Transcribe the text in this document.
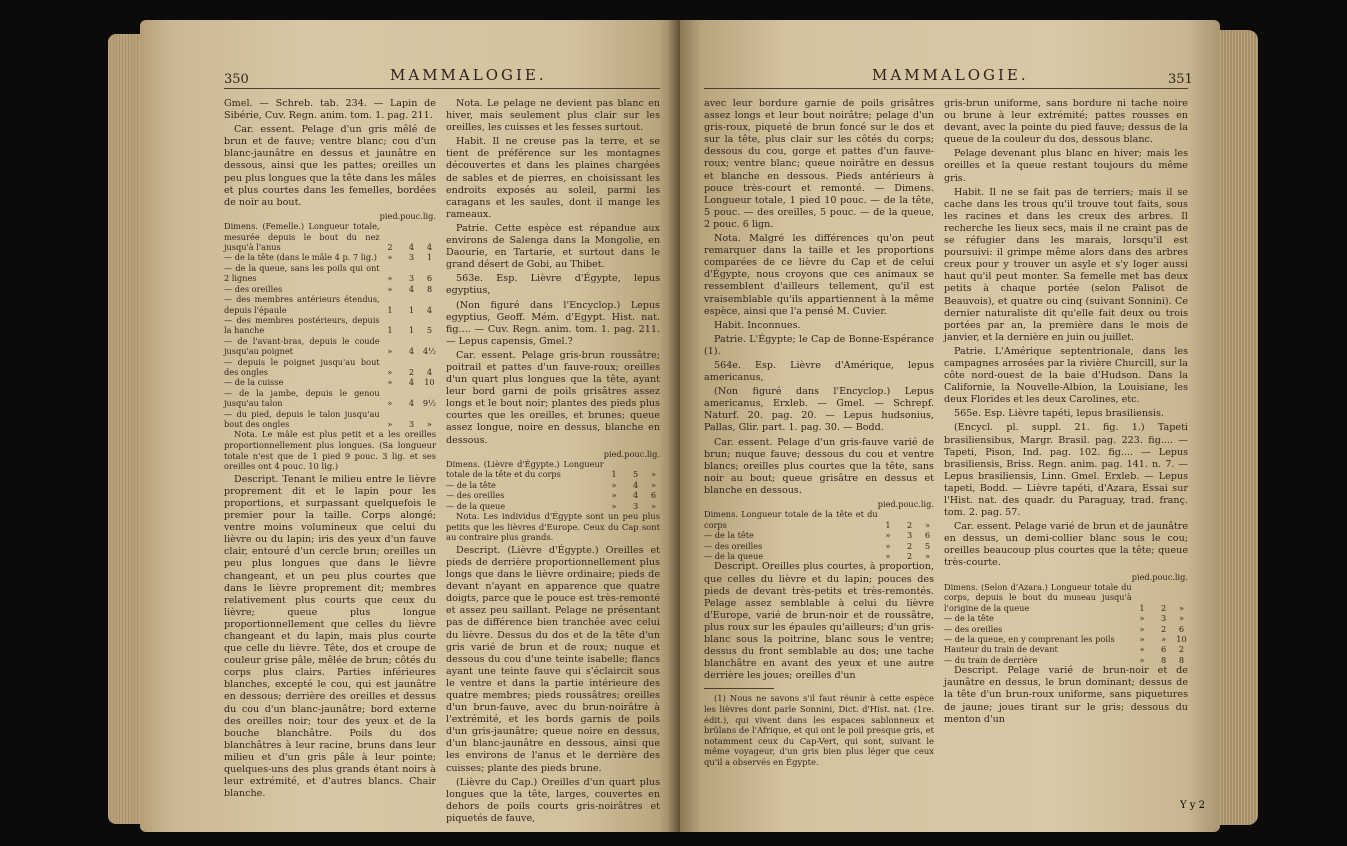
350	MAMMALOGIE.

Gmel. — Schreb. tab. 234. — Lapin de Sibérie, Cuv. Regn. anim. tom. 1. pag. 211.

Car. essent. Pelage d'un gris mêlé de brun et de fauve; ventre blanc; cou d'un blanc-jaunâtre en dessus et jaunâtre en dessous, ainsi que les pattes; oreilles un peu plus longues que la tête dans les mâles et plus courtes dans les femelles, bordées de noir au bout.

	pied.	pouc.	lig.
Dimens. (Femelle.) Longueur totale, mesurée depuis le bout du nez jusqu'à l'anus	2	4	4
— de la tête (dans le mâle 4 p. 7 lig.)	»	3	1
— de la queue, sans les poils qui ont 2 lignes	»	3	6
— des oreilles	»	4	8
— des membres antérieurs étendus, depuis l'épaule	1	1	4
— des membres postérieurs, depuis la hanche	1	1	5
— de l'avant-bras, depuis le coude jusqu'au poignet	»	4	4½
— depuis le poignet jusqu'au bout des ongles	»	2	4
— de la cuisse	»	4	10
— de la jambe, depuis le genou jusqu'au talon	»	4	9½
— du pied, depuis le talon jusqu'au bout des ongles	»	3	»

Nota. Le mâle est plus petit et a les oreilles proportionnellement plus longues. (Sa longueur totale n'est que de 1 pied 9 pouc. 3 lig. et ses oreilles ont 4 pouc. 10 lig.)

Descript. Tenant le milieu entre le lièvre proprement dit et le lapin pour les proportions, et surpassant quelquefois le premier pour la taille. Corps alongé; ventre moins volumineux que celui du lièvre ou du lapin; iris des yeux d'un fauve clair, entouré d'un cercle brun; oreilles un peu plus longues que dans le lièvre changeant, et un peu plus courtes que dans le lièvre proprement dit; membres relativement plus courts que ceux du lièvre; queue plus longue proportionnellement que celles du lièvre changeant et du lapin, mais plus courte que celle du lièvre. Tête, dos et croupe de couleur grise pâle, mêlée de brun; côtés du corps plus clairs. Parties inférieures blanches, excepté le cou, qui est jaunâtre en dessous; derrière des oreilles et dessus du cou d'un blanc-jaunâtre; bord externe des oreilles noir; tour des yeux et de la bouche blanchâtre. Poils du dos blanchâtres à leur racine, bruns dans leur milieu et d'un gris pâle à leur pointe; quelques-uns des plus grands étant noirs à leur extrémité, et d'autres blancs. Chair blanche.

Nota. Le pelage ne devient pas blanc en hiver, mais seulement plus clair sur les oreilles, les cuisses et les fesses surtout.

Habit. Il ne creuse pas la terre, et se tient de préférence sur les montagnes découvertes et dans les plaines chargées de sables et de pierres, en choisissant les endroits exposés au soleil, parmi les caragans et les saules, dont il mange les rameaux.

Patrie. Cette espèce est répandue aux environs de Salenga dans la Mongolie, en Daourie, en Tartarie, et surtout dans le grand désert de Gobi, au Thibet.

563e. Esp. Lièvre d'Égypte, lepus egyptius,

(Non figuré dans l'Encyclop.) Lepus egyptius, Geoff. Mém. d'Egypt. Hist. nat. fig.... — Cuv. Regn. anim. tom. 1. pag. 211. — Lepus capensis, Gmel.?

Car. essent. Pelage gris-brun roussâtre; poitrail et pattes d'un fauve-roux; oreilles d'un quart plus longues que la tête, ayant leur bord garni de poils grisâtres assez longs et le bout noir; plantes des pieds plus courtes que les oreilles, et brunes; queue assez longue, noire en dessus, blanche en dessous.

	pied.	pouc.	lig.
Dimens. (Lièvre d'Égypte.) Longueur totale de la tête et du corps	1	5	»
— de la tête	»	4	»
— des oreilles	»	4	6
— de la queue	»	3	»

Nota. Les individus d'Égypte sont un peu plus petits que les lièvres d'Europe. Ceux du Cap sont au contraire plus grands.

Descript. (Lièvre d'Égypte.) Oreilles et pieds de derrière proportionnellement plus longs que dans le lièvre ordinaire; pieds de devant n'ayant en apparence que quatre doigts, parce que le pouce est très-remonté et assez peu saillant. Pelage ne présentant pas de différence bien tranchée avec celui du lièvre. Dessus du dos et de la tête d'un gris varié de brun et de roux; nuque et dessous du cou d'une teinte isabelle; flancs ayant une teinte fauve qui s'éclaircit sous le ventre et dans la partie intérieure des quatre membres; pieds roussâtres; oreilles d'un brun-fauve, avec du brun-noirâtre à l'extrémité, et les bords garnis de poils d'un gris-jaunâtre; queue noire en dessus, d'un blanc-jaunâtre en dessous, ainsi que les environs de l'anus et le derrière des cuisses; plante des pieds brune.

(Lièvre du Cap.) Oreilles d'un quart plus longues que la tête, larges, couvertes en dehors de poils courts gris-noirâtres et piquetés de fauve,

MAMMALOGIE.	351

avec leur bordure garnie de poils grisâtres assez longs et leur bout noirâtre; pelage d'un gris-roux, piqueté de brun foncé sur le dos et sur la tête, plus clair sur les côtés du corps; dessous du cou, gorge et pattes d'un fauve-roux; ventre blanc; queue noirâtre en dessus et blanche en dessous. Pieds antérieurs à pouce très-court et remonté. — Dimens. Longueur totale, 1 pied 10 pouc. — de la tête, 5 pouc. — des oreilles, 5 pouc. — de la queue, 2 pouc. 6 lign.

Nota. Malgré les différences qu'on peut remarquer dans la taille et les proportions comparées de ce lièvre du Cap et de celui d'Égypte, nous croyons que ces animaux se ressemblent d'ailleurs tellement, qu'il est vraisemblable qu'ils appartiennent à la même espèce, ainsi que l'a pensé M. Cuvier.

Habit. Inconnues.

Patrie. L'Égypte; le Cap de Bonne-Espérance (1).

564e. Esp. Lièvre d'Amérique, lepus americanus,

(Non figuré dans l'Encyclop.) Lepus americanus, Erxleb. — Gmel. — Schrepf. Naturf. 20. pag. 20. — Lepus hudsonius, Pallas, Glir. part. 1. pag. 30. — Bodd.

Car. essent. Pelage d'un gris-fauve varié de brun; nuque fauve; dessous du cou et ventre blancs; oreilles plus courtes que la tête, sans noir au bout; queue grisâtre en dessus et blanche en dessous.

	pied.	pouc.	lig.
Dimens. Longueur totale de la tête et du corps	1	2	»
— de la tête	»	3	6
— des oreilles	»	2	5
— de la queue	»	2	»

Descript. Oreilles plus courtes, à proportion, que celles du lièvre et du lapin; pouces des pieds de devant très-petits et très-remontés. Pelage assez semblable à celui du lièvre d'Europe, varié de brun-noir et de roussâtre, plus roux sur les épaules qu'ailleurs; d'un gris-blanc sous la poitrine, blanc sous le ventre; dessus du front semblable au dos; une tache blanchâtre en avant des yeux et une autre derrière les joues; oreilles d'un

(1) Nous ne savons s'il faut réunir à cette espèce les lièvres dont parle Sonnini, Dict. d'Hist. nat. (1re. édit.), qui vivent dans les espaces sablonneux et brûlans de l'Afrique, et qui ont le poil presque gris, et notamment ceux du Cap-Vert, qui sont, suivant le même voyageur, d'un gris bien plus léger que ceux qu'il a observés en Égypte.

gris-brun uniforme, sans bordure ni tache noire ou brune à leur extrémité; pattes rousses en devant, avec la pointe du pied fauve; dessus de la queue de la couleur du dos, dessous blanc.

Pelage devenant plus blanc en hiver; mais les oreilles et la queue restant toujours du même gris.

Habit. Il ne se fait pas de terriers; mais il se cache dans les trous qu'il trouve tout faits, sous les racines et dans les creux des arbres. Il recherche les lieux secs, mais il ne craint pas de se réfugier dans les marais, lorsqu'il est poursuivi: il grimpe même alors dans des arbres creux pour y trouver un asyle et s'y loger aussi haut qu'il peut monter. Sa femelle met bas deux petits à chaque portée (selon Palisot de Beauvois), et quatre ou cinq (suivant Sonnini). Ce dernier naturaliste dit qu'elle fait deux ou trois portées par an, la première dans le mois de janvier, et la dernière en juin ou juillet.

Patrie. L'Amérique septentrionale, dans les campagnes arrosées par la rivière Churcill, sur la côte nord-ouest de la baie d'Hudson. Dans la Californie, la Nouvelle-Albion, la Louisiane, les deux Florides et les deux Carolines, etc.

565e. Esp. Lièvre tapéti, lepus brasiliensis.

(Encycl. pl. suppl. 21. fig. 1.) Tapeti brasiliensibus, Margr. Brasil. pag. 223. fig.... — Tapeti, Pison, Ind. pag. 102. fig.... — Lepus brasiliensis, Briss. Regn. anim. pag. 141. n. 7. — Lepus brasiliensis, Linn. Gmel. Erxleb. — Lepus tapeti, Bodd. — Lièvre tapéti, d'Azara, Essai sur l'Hist. nat. des quadr. du Paraguay, trad. franç. tom. 2. pag. 57.

Car. essent. Pelage varié de brun et de jaunâtre en dessus, un demi-collier blanc sous le cou; oreilles beaucoup plus courtes que la tête; queue très-courte.

	pied.	pouc.	lig.
Dimens. (Selon d'Azara.) Longueur totale du corps, depuis le bout du museau jusqu'à l'origine de la queue	1	2	»
— de la tête	»	3	»
— des oreilles	»	2	6
— de la queue, en y comprenant les poils	»	»	10
Hauteur du train de devant	»	6	2
— du train de derrière	»	8	8

Descript. Pelage varié de brun-noir et de jaunâtre en dessus, le brun dominant; dessus de la tête d'un brun-roux uniforme, sans piquetures de jaune; joues tirant sur le gris; dessous du menton d'un

Y y 2
